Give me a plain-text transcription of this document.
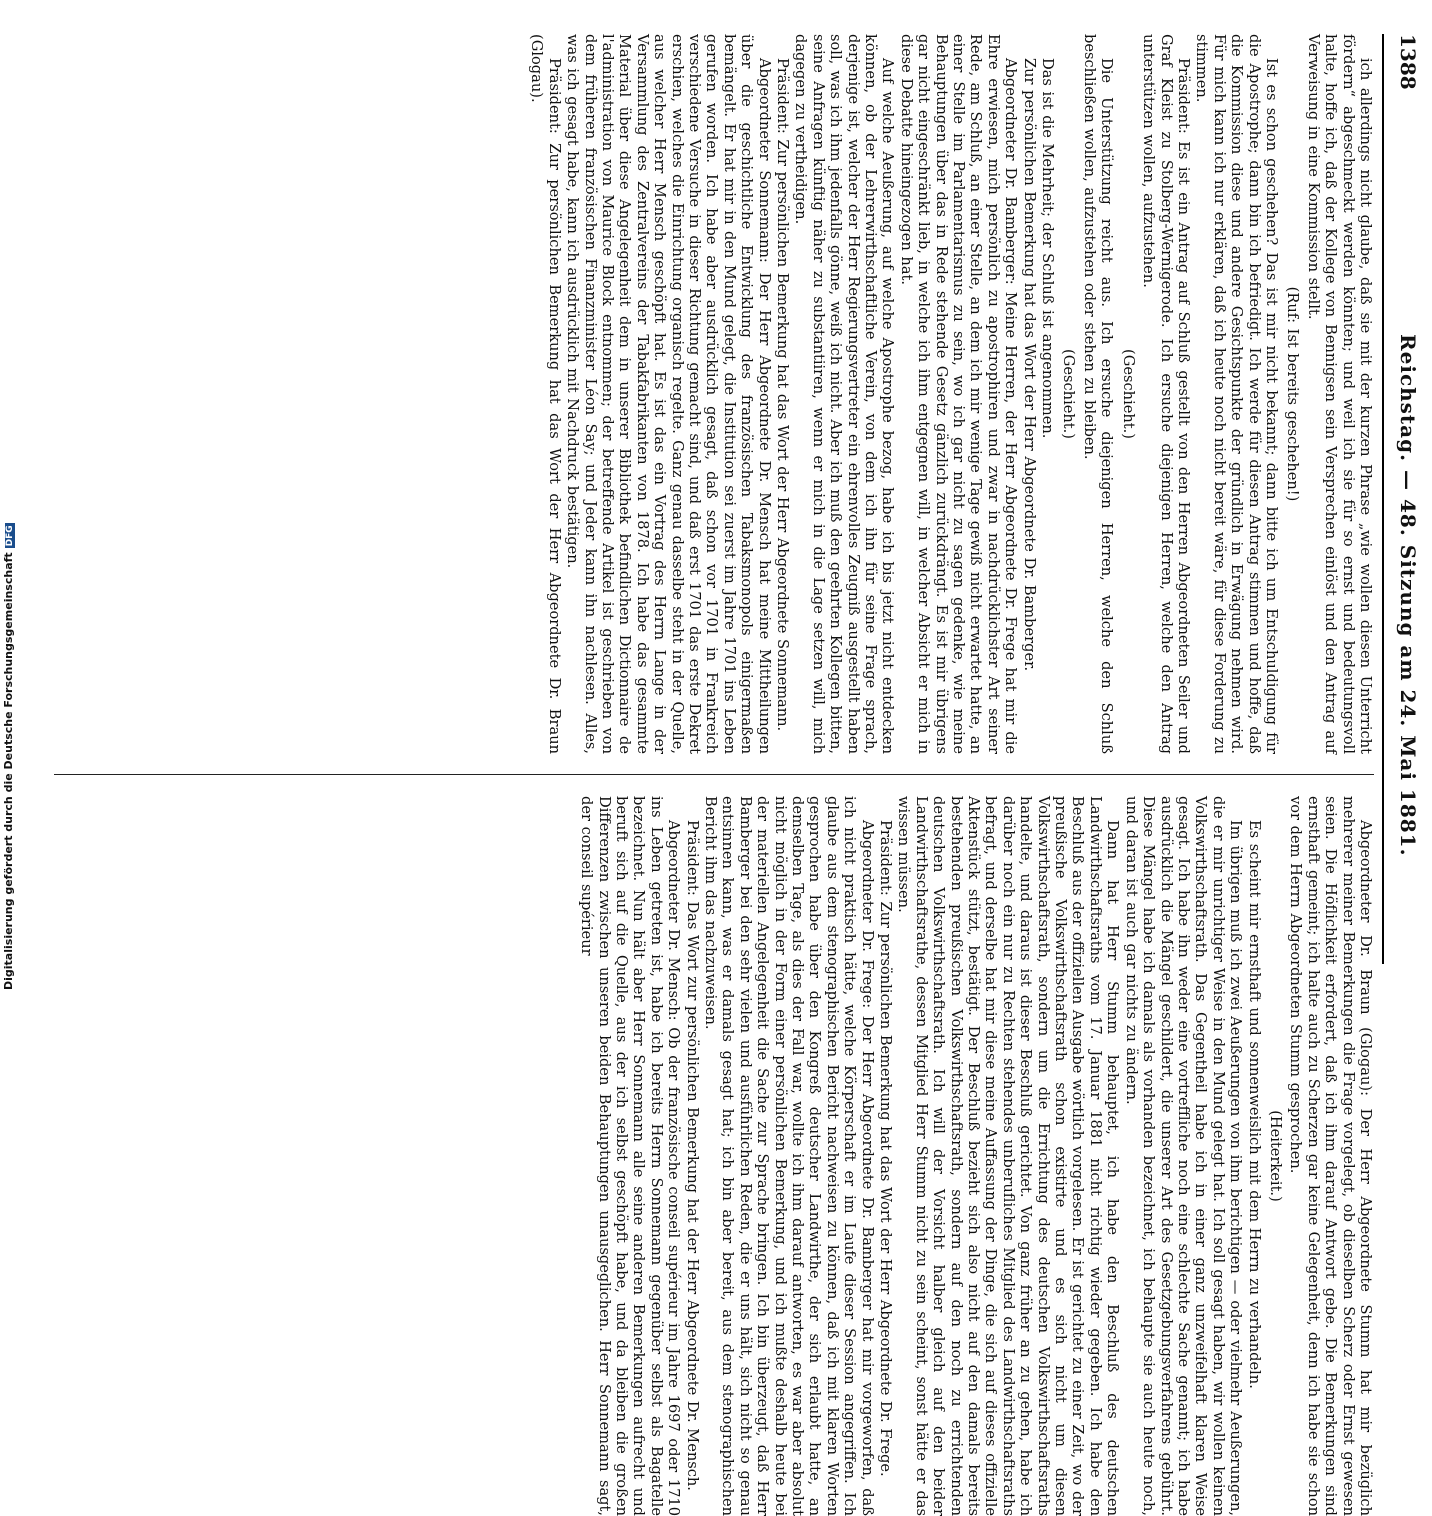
Digitalisierung gefördert durch die Deutsche ForschungsgemeinschaftDFG
1388
Reichstag. — 48. Sitzung am 24. Mai 1881.

ich allerdings nicht glaube, daß sie mit der kurzen Phrase „wie wollen diesen Unterricht fördern“ abgeschmeckt werden könnten; und weil ich sie für so ernst und bedeutungsvoll halte, hoffe ich, daß der Kollege von Bennigsen sein Versprechen einlöst und den Antrag auf Verweisung in eine Kommission stellt.

(Ruf: Ist bereits geschehen!)

Ist es schon geschehen? Das ist mir nicht bekannt; dann bitte ich um Entschuldigung für die Apostrophe; dann bin ich befriedigt. Ich werde für diesen Antrag stimmen und hoffe, daß die Kommission diese und andere Gesichtspunkte der gründlich in Erwägung nehmen wird. Für mich kann ich nur erklären, daß ich heute noch nicht bereit wäre, für diese Forderung zu stimmen.

Präsident: Es ist ein Antrag auf Schluß gestellt von den Herren Abgeordneten Seiler und Graf Kleist zu Stolberg-Wernigerode. Ich ersuche diejenigen Herren, welche den Antrag unterstützen wollen, aufzustehen.

(Geschieht.)

Die Unterstützung reicht aus. Ich ersuche diejenigen Herren, welche den Schluß beschließen wollen, aufzustehen oder stehen zu bleiben.

(Geschieht.)

Das ist die Mehrheit; der Schluß ist angenommen.

Zur persönlichen Bemerkung hat das Wort der Herr Abgeordnete Dr. Bamberger.

Abgeordneter Dr. Bamberger: Meine Herren, der Herr Abgeordnete Dr. Frege hat mir die Ehre erwiesen, mich persönlich zu apostrophiren und zwar in nachdrücklichster Art seiner Rede, am Schluß, an einer Stelle, an dem ich mir wenige Tage gewiß nicht erwartet hatte, an einer Stelle im Parlamentarismus zu sein, wo ich gar nicht zu sagen gedenke, wie meine Behauptungen über das in Rede stehende Gesetz gänzlich zurückdrängt. Es ist mir übrigens gar nicht eingeschränkt lieb, in welche ich ihm entgegnen will, in welcher Absicht er mich in diese Debatte hineingezogen hat.

Auf welche Aeußerung, auf welche Apostrophe bezog, habe ich bis jetzt nicht entdecken können, ob der Lehrerwirthschaftliche Verein, von dem ich ihn für seine Frage sprach, derjenige ist, welcher der Herr Regierungsvertreter ein ehrenvolles Zeugniß ausgestellt haben soll, was ich ihm jedenfalls gönne, weiß ich nicht. Aber ich muß den geehrten Kollegen bitten, seine Anfragen künftig näher zu substantiiren, wenn er mich in die Lage setzen will, mich dagegen zu vertheidigen.

Präsident: Zur persönlichen Bemerkung hat das Wort der Herr Abgeordnete Sonnemann.

Abgeordneter Sonnemann: Der Herr Abgeordnete Dr. Mensch hat meine Mittheilungen über die geschichtliche Entwicklung des französischen Tabaksmonopols einigermaßen bemängelt. Er hat mir in den Mund gelegt, die Institution sei zuerst im Jahre 1701 ins Leben gerufen worden. Ich habe aber ausdrücklich gesagt, daß schon vor 1701 in Frankreich verschiedene Versuche in dieser Richtung gemacht sind, und daß erst 1701 das erste Dekret erschien, welches die Einrichtung organisch regelte. Ganz genau dasselbe steht in der Quelle, aus welcher Herr Mensch geschöpft hat. Es ist das ein Vortrag des Herrn Lange in der Versammlung des Zentralvereins der Tabakfabrikanten von 1878. Ich habe das gesammte Material über diese Angelegenheit dem in unserer Bibliothek befindlichen Dictionnaire de l'administration von Maurice Block entnommen; der betreffende Artikel ist geschrieben von dem früheren französischen Finanzminister Léon Say; und Jeder kann ihn nachlesen. Alles, was ich gesagt habe, kann ich ausdrücklich mit Nachdruck bestätigen.

Präsident: Zur persönlichen Bemerkung hat das Wort der Herr Abgeordnete Dr. Braun (Glogau).

Abgeordneter Dr. Braun (Glogau): Der Herr Abgeordnete Stumm hat mir bezüglich mehrerer meiner Bemerkungen die Frage vorgelegt, ob dieselben Scherz oder Ernst gewesen seien. Die Höflichkeit erfordert, daß ich ihm darauf Antwort gebe. Die Bemerkungen sind ernsthaft gemeint; ich halte auch zu Scherzen gar keine Gelegenheit, denn ich habe sie schon vor dem Herrn Abgeordneten Stumm gesprochen.

(Heiterkeit.)

Es scheint mir ernsthaft und sonnenweislich mit dem Herrn zu verhandeln.

Im übrigen muß ich zwei Aeußerungen von ihm berichtigen — oder vielmehr Aeußerungen, die er mir unrichtiger Weise in den Mund gelegt hat. Ich soll gesagt haben, wir wollen keinen Volkswirthschaftsrath. Das Gegentheil habe ich in einer ganz unzweifelhaft klaren Weise gesagt. Ich habe ihn weder eine vortreffliche noch eine schlechte Sache genannt; ich habe ausdrücklich die Mängel geschildert, die unserer Art des Gesetzgebungsverfahrens gebührt. Diese Mängel habe ich damals als vorhanden bezeichnet, ich behaupte sie auch heute noch, und daran ist auch gar nichts zu ändern.

Dann hat Herr Stumm behauptet, ich habe den Beschluß des deutschen Landwirthschaftsraths vom 17. Januar 1881 nicht richtig wieder gegeben. Ich habe den Beschluß aus der offiziellen Ausgabe wörtlich vorgelesen. Er ist gerichtet zu einer Zeit, wo der preußische Volkswirthschaftsrath schon existirte und es sich nicht um diesen Volkswirthschaftsrath, sondern um die Errichtung des deutschen Volkswirthschaftsraths handelte, und daraus ist dieser Beschluß gerichtet. Von ganz früher an zu gehen, habe ich darüber noch ein nur zu Rechten stehendes unberufliches Mitglied des Landwirthschaftsraths befragt, und derselbe hat mir diese meine Auffassung der Dinge, die sich auf dieses offizielle Aktenstück stützt, bestätigt. Der Beschluß bezieht sich also nicht auf den damals bereits bestehenden preußischen Volkswirthschaftsrath, sondern auf den noch zu errichtenden deutschen Volkswirthschaftsrath. Ich will der Vorsicht halber gleich auf den beider Landwirthschaftsrathe, dessen Mitglied Herr Stumm nicht zu sein scheint, sonst hätte er das wissen müssen.

Präsident: Zur persönlichen Bemerkung hat das Wort der Herr Abgeordnete Dr. Frege.

Abgeordneter Dr. Frege: Der Herr Abgeordnete Dr. Bamberger hat mir vorgeworfen, daß ich nicht praktisch hätte, welche Körperschaft er im Laufe dieser Session angegriffen. Ich glaube aus dem stenographischen Bericht nachweisen zu können, daß ich mit klaren Worten gesprochen habe über den Kongreß deutscher Landwirthe, der sich erlaubt hatte, an demselben Tage, als dies der Fall war, wollte ich ihm darauf antworten, es war aber absolut nicht möglich in der Form einer persönlichen Bemerkung, und ich mußte deshalb heute bei der materiellen Angelegenheit die Sache zur Sprache bringen. Ich bin überzeugt, daß Herr Bamberger bei den sehr vielen und ausführlichen Reden, die er uns hält, sich nicht so genau entsinnen kann, was er damals gesagt hat; ich bin aber bereit, aus dem stenographischen Bericht ihm das nachzuweisen.

Präsident: Das Wort zur persönlichen Bemerkung hat der Herr Abgeordnete Dr. Mensch.

Abgeordneter Dr. Mensch: Ob der französische conseil supérieur im Jahre 1697 oder 1710 ins Leben getreten ist, habe ich bereits Herrn Sonnemann gegenüber selbst als Bagatelle bezeichnet. Nun hält aber Herr Sonnemann alle seine anderen Bemerkungen aufrecht und beruft sich auf die Quelle, aus der ich selbst geschöpft habe, und da bleiben die großen Differenzen zwischen unseren beiden Behauptungen unausgeglichen. Herr Sonnemann sagt, der conseil supérieur
